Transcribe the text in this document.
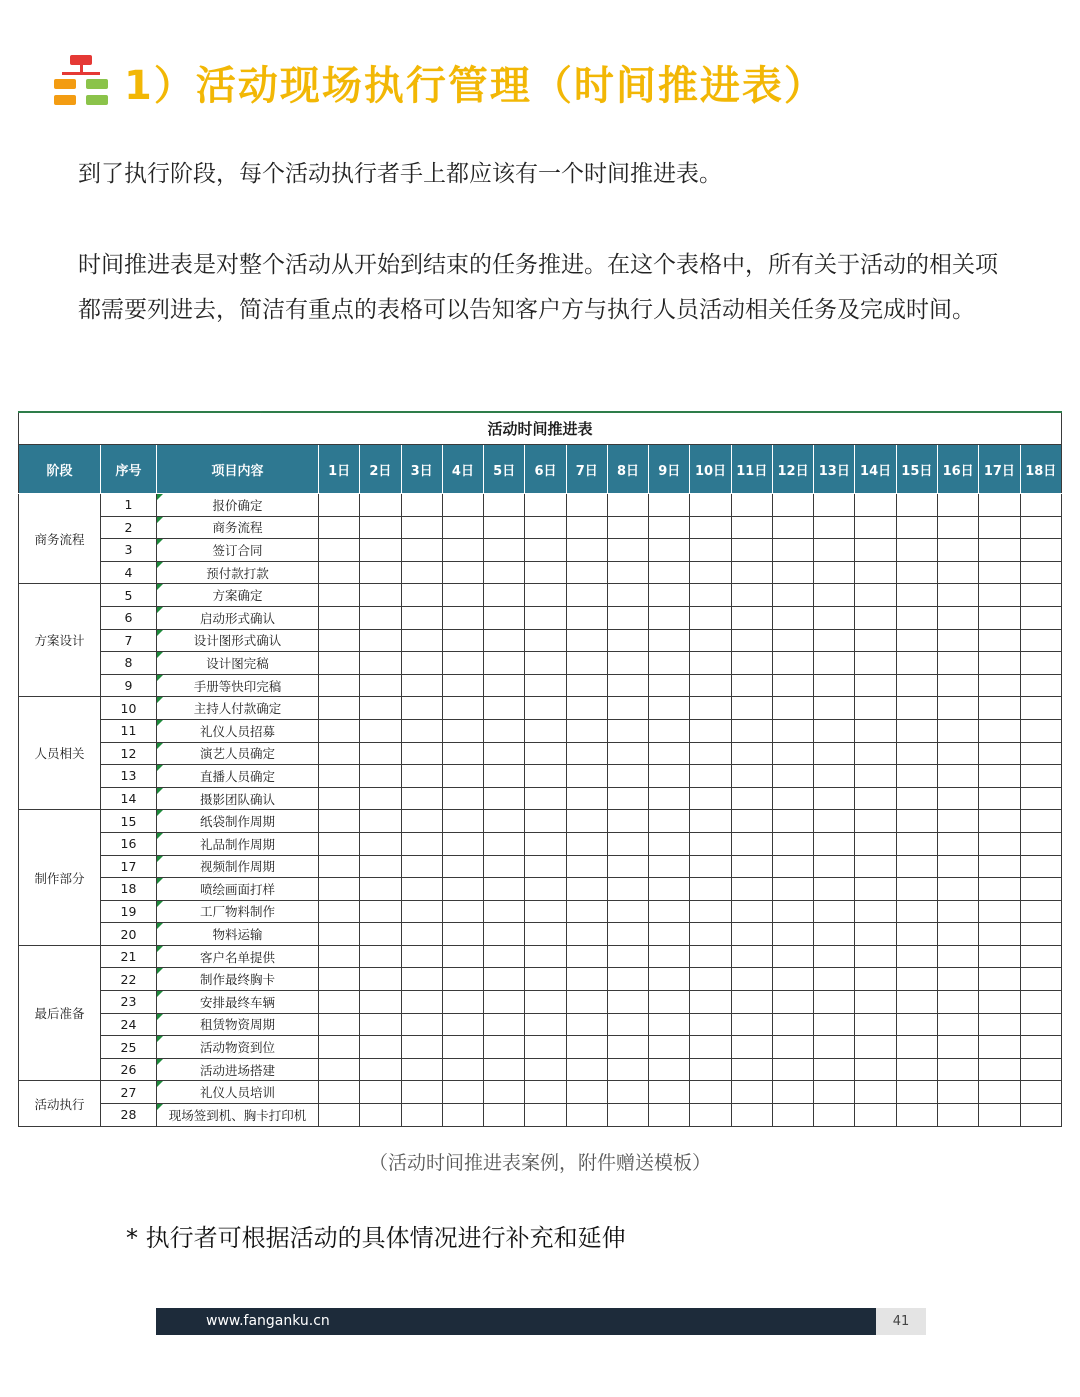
1）活动现场执行管理（时间推进表）
到了执行阶段，每个活动执行者手上都应该有一个时间推进表。
时间推进表是对整个活动从开始到结束的任务推进。在这个表格中，所有关于活动的相关项都需要列进去，简洁有重点的表格可以告知客户方与执行人员活动相关任务及完成时间。
活动时间推进表																				
阶段	序号	项目内容	1日	2日	3日	4日	5日	6日	7日	8日	9日	10日	11日	12日	13日	14日	15日	16日	17日	18日
商务流程	1	报价确定																		
	2	商务流程																		
	3	签订合同																		
	4	预付款打款																		
方案设计	5	方案确定																		
	6	启动形式确认																		
	7	设计图形式确认																		
	8	设计图完稿																		
	9	手册等快印完稿																		
人员相关	10	主持人付款确定																		
	11	礼仪人员招募																		
	12	演艺人员确定																		
	13	直播人员确定																		
	14	摄影团队确认																		
制作部分	15	纸袋制作周期																		
	16	礼品制作周期																		
	17	视频制作周期																		
	18	喷绘画面打样																		
	19	工厂物料制作																		
	20	物料运输																		
最后准备	21	客户名单提供																		
	22	制作最终胸卡																		
	23	安排最终车辆																		
	24	租赁物资周期																		
	25	活动物资到位																		
	26	活动进场搭建																		
活动执行	27	礼仪人员培训																		
	28	现场签到机、胸卡打印机																		
（活动时间推进表案例，附件赠送模板）
* 执行者可根据活动的具体情况进行补充和延伸
www.fanganku.cn	41
